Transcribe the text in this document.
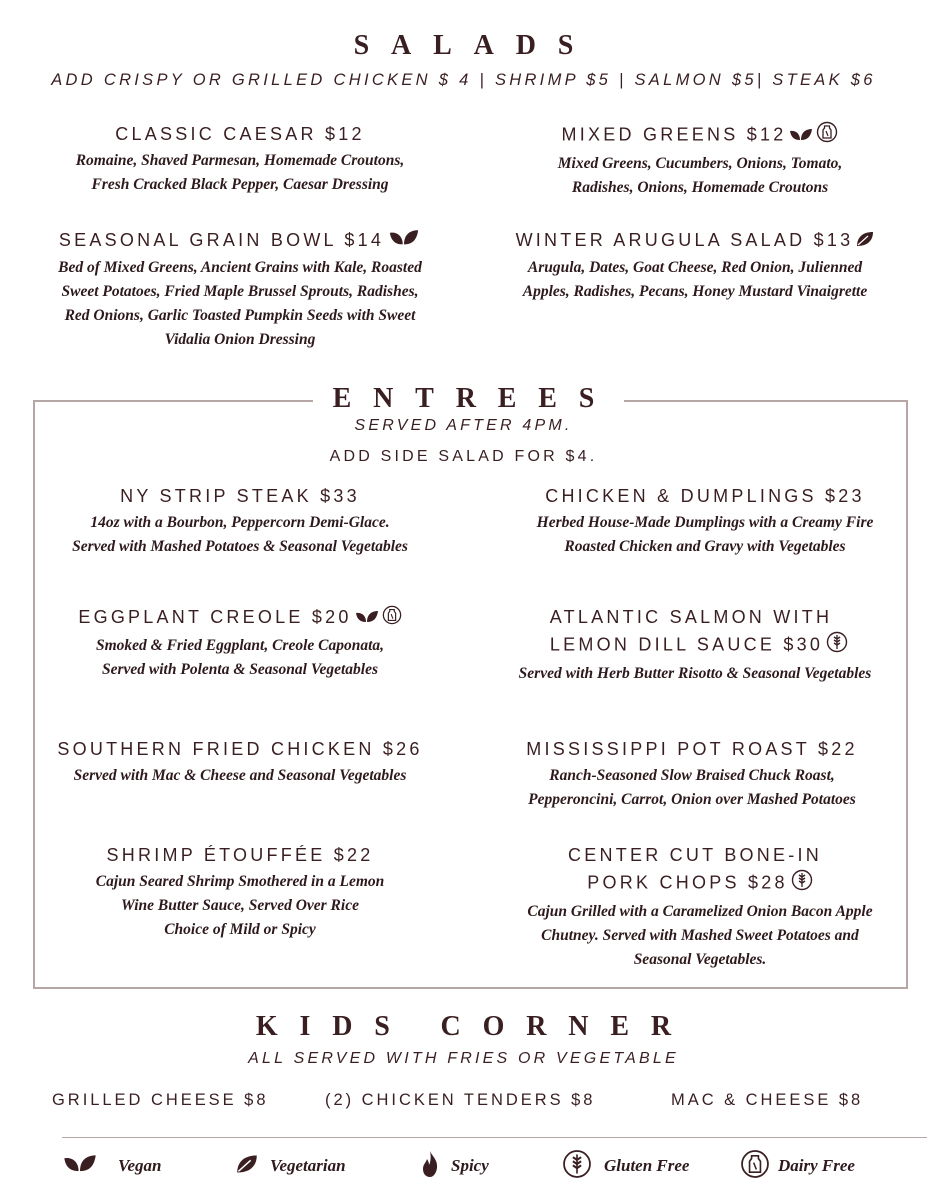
SALADS
ADD CRISPY OR GRILLED CHICKEN $ 4 | SHRIMP $5 | SALMON $5| STEAK $6
CLASSIC CAESAR $12
Romaine, Shaved Parmesan, Homemade Croutons,
Fresh Cracked Black Pepper, Caesar Dressing
MIXED GREENS $12
Mixed Greens, Cucumbers, Onions, Tomato,
Radishes, Onions, Homemade Croutons
SEASONAL GRAIN BOWL $14
Bed of Mixed Greens, Ancient Grains with Kale, Roasted
Sweet Potatoes, Fried Maple Brussel Sprouts, Radishes,
Red Onions, Garlic Toasted Pumpkin Seeds with Sweet
Vidalia Onion Dressing
WINTER ARUGULA SALAD $13
Arugula, Dates, Goat Cheese, Red Onion, Julienned
Apples, Radishes, Pecans, Honey Mustard Vinaigrette
ENTREES
SERVED AFTER 4PM.
ADD SIDE SALAD FOR $4.
NY STRIP STEAK $33
14oz with a Bourbon, Peppercorn Demi-Glace.
Served with Mashed Potatoes & Seasonal Vegetables
CHICKEN & DUMPLINGS $23
Herbed House-Made Dumplings with a Creamy Fire
Roasted Chicken and Gravy with Vegetables
EGGPLANT CREOLE $20
Smoked & Fried Eggplant, Creole Caponata,
Served with Polenta & Seasonal Vegetables
ATLANTIC SALMON WITH
LEMON DILL SAUCE $30
Served with Herb Butter Risotto & Seasonal Vegetables
SOUTHERN FRIED CHICKEN $26
Served with Mac & Cheese and Seasonal Vegetables
MISSISSIPPI POT ROAST $22
Ranch-Seasoned Slow Braised Chuck Roast,
Pepperoncini, Carrot, Onion over Mashed Potatoes
SHRIMP ÉTOUFFÉE $22
Cajun Seared Shrimp Smothered in a Lemon
Wine Butter Sauce, Served Over Rice
Choice of Mild or Spicy
CENTER CUT BONE-IN
PORK CHOPS $28
Cajun Grilled with a Caramelized Onion Bacon Apple
Chutney. Served with Mashed Sweet Potatoes and
Seasonal Vegetables.
KIDS CORNER
ALL SERVED WITH FRIES OR VEGETABLE
GRILLED CHEESE $8	(2) CHICKEN TENDERS $8	MAC & CHEESE $8
Vegan	Vegetarian	Spicy	Gluten Free	Dairy Free
